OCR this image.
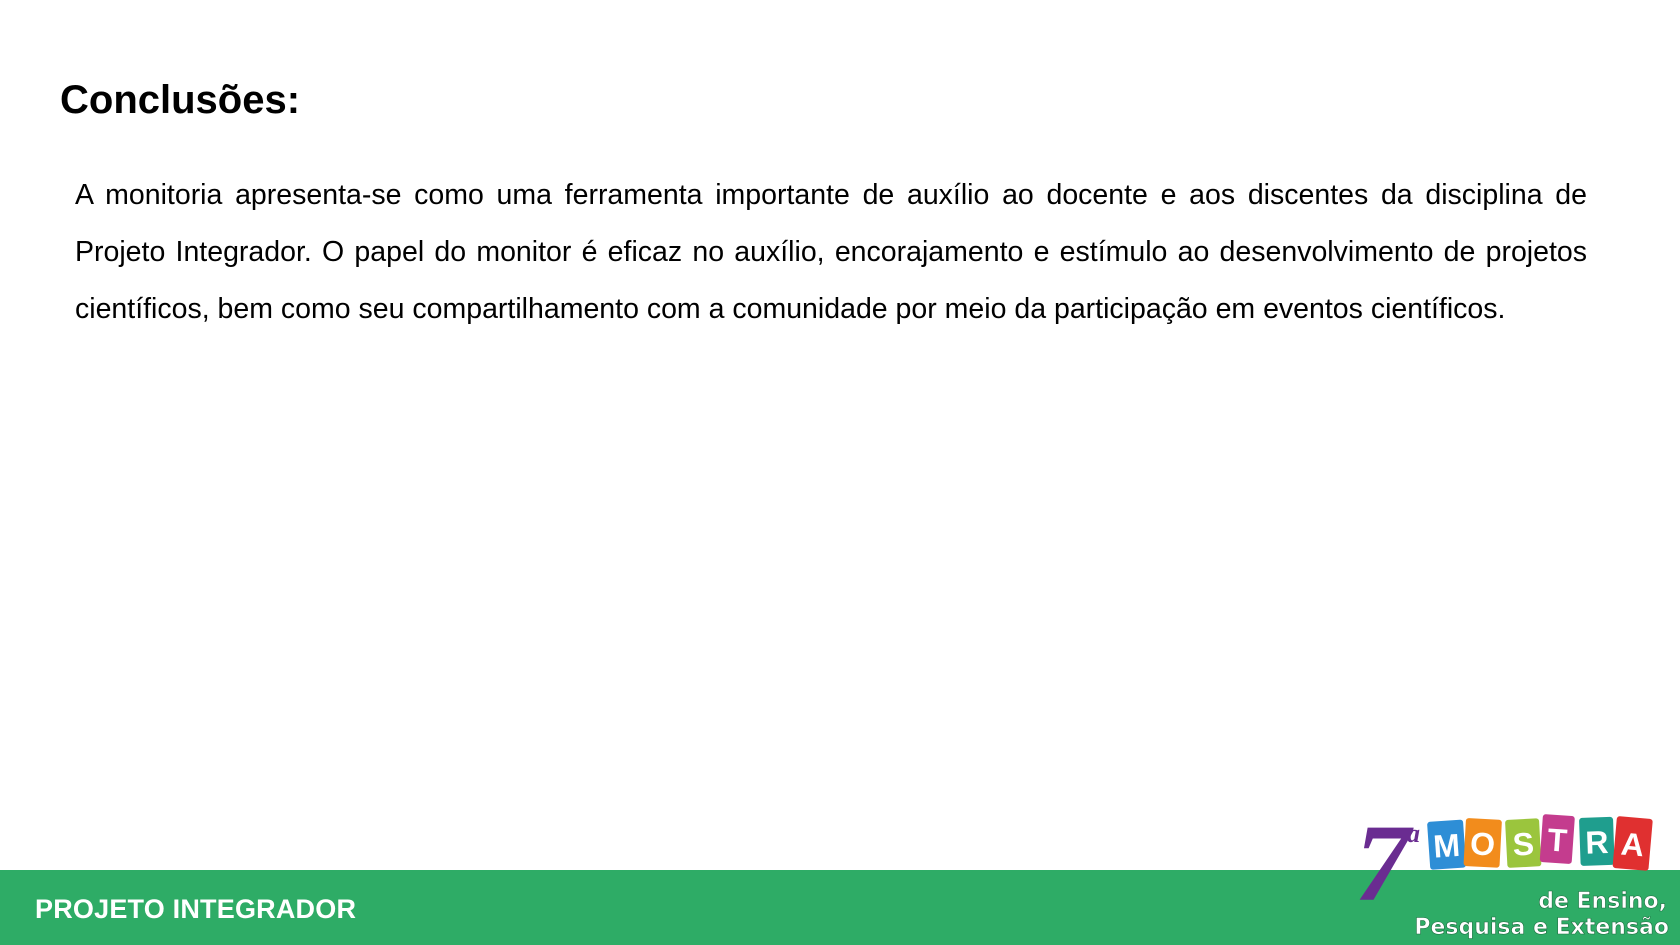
Conclusões:

A monitoria apresenta-se como uma ferramenta importante de auxílio ao docente e aos discentes da disciplina de Projeto Integrador. O papel do monitor é eficaz no auxílio, encorajamento e estímulo ao desenvolvimento de projetos científicos, bem como seu compartilhamento com a comunidade por meio da participação em eventos científicos.

PROJETO INTEGRADOR	7
a M O S T R A
de Ensino,
Pesquisa e Extensão
